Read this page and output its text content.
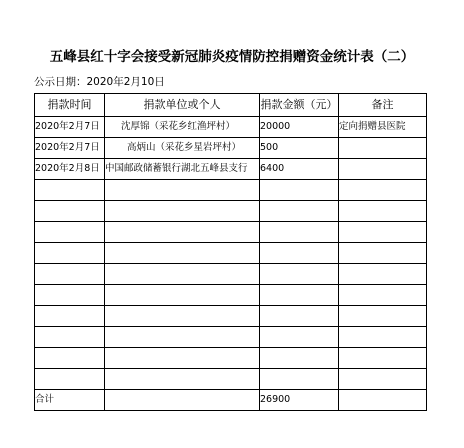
五峰县红十字会接受新冠肺炎疫情防控捐赠资金统计表（二）
公示日期：2020年2月10日
捐款时间	捐款单位或个人	捐款金额（元）	备注
2020年2月7日	沈厚锦（采花乡红渔坪村）	20000	定向捐赠县医院
2020年2月7日	高炳山（采花乡星岩坪村）	500	
2020年2月8日	中国邮政储蓄银行湖北五峰县支行	6400	

合计		26900	
